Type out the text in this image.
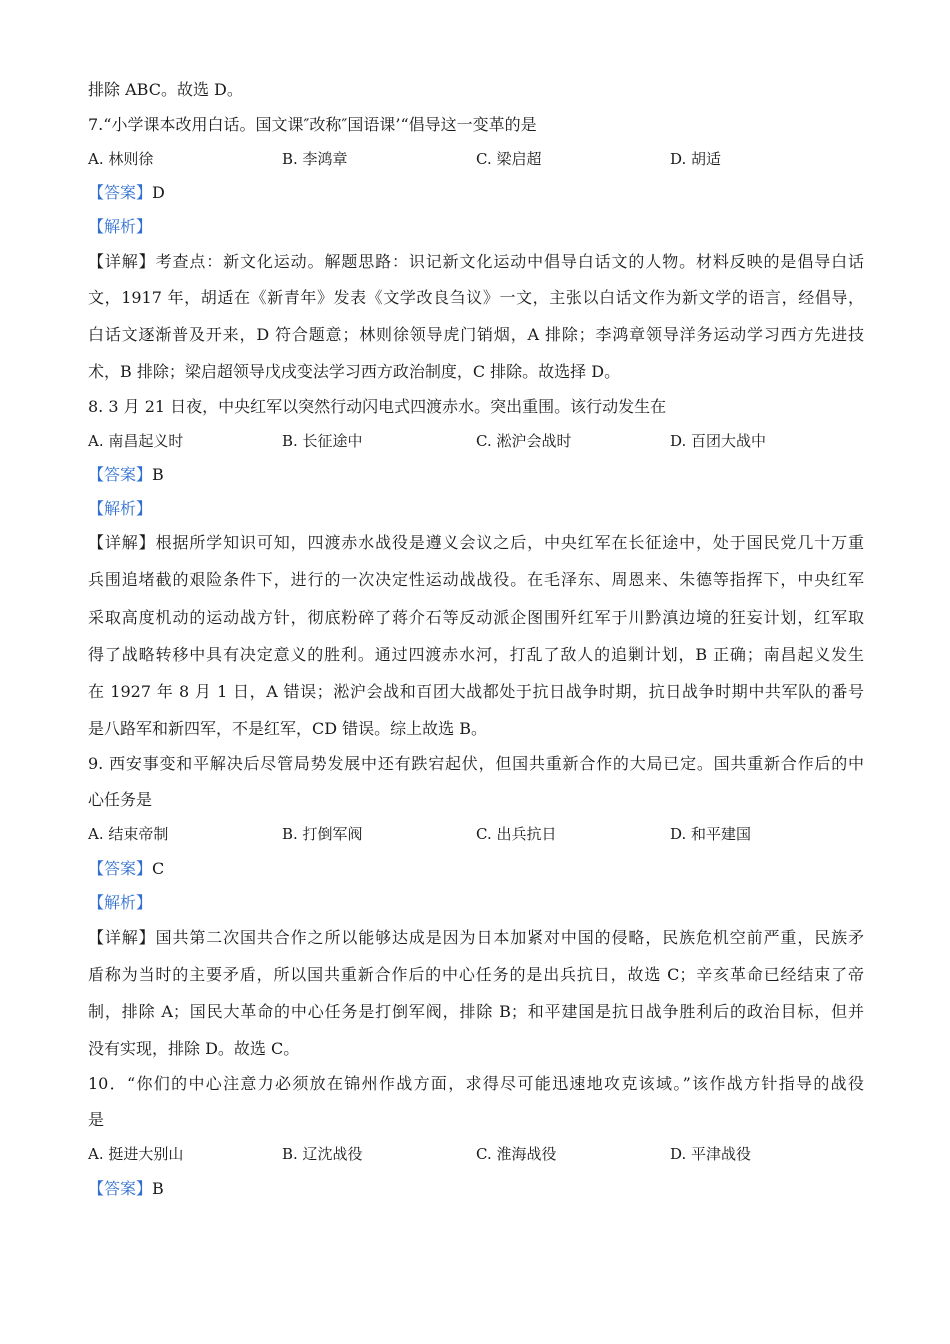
排除 ABC。故选 D。
7.“小学课本改用白话。国文课″改称″国语课’“倡导这一变革的是
A. 林则徐	B. 李鸿章	C. 梁启超	D. 胡适
【答案】D
【解析】
【详解】考查点：新文化运动。解题思路：识记新文化运动中倡导白话文的人物。材料反映的是倡导白话
文，1917 年，胡适在《新青年》发表《文学改良刍议》一文，主张以白话文作为新文学的语言，经倡导，
白话文逐渐普及开来，D 符合题意；林则徐领导虎门销烟，A 排除；李鸿章领导洋务运动学习西方先进技
术，B 排除；梁启超领导戊戌变法学习西方政治制度，C 排除。故选择 D。
8. 3 月 21 日夜，中央红军以突然行动闪电式四渡赤水。突出重围。该行动发生在
A. 南昌起义时	B. 长征途中	C. 淞沪会战时	D. 百团大战中
【答案】B
【解析】
【详解】根据所学知识可知，四渡赤水战役是遵义会议之后，中央红军在长征途中，处于国民党几十万重
兵围追堵截的艰险条件下，进行的一次决定性运动战战役。在毛泽东、周恩来、朱德等指挥下，中央红军
采取高度机动的运动战方针，彻底粉碎了蒋介石等反动派企图围歼红军于川黔滇边境的狂妄计划，红军取
得了战略转移中具有决定意义的胜利。通过四渡赤水河，打乱了敌人的追剿计划，B 正确；南昌起义发生
在 1927 年 8 月 1 日，A 错误；淞沪会战和百团大战都处于抗日战争时期，抗日战争时期中共军队的番号
是八路军和新四军，不是红军，CD 错误。综上故选 B。
9. 西安事变和平解决后尽管局势发展中还有跌宕起伏，但国共重新合作的大局已定。国共重新合作后的中
心任务是
A. 结束帝制	B. 打倒军阀	C. 出兵抗日	D. 和平建国
【答案】C
【解析】
【详解】国共第二次国共合作之所以能够达成是因为日本加紧对中国的侵略，民族危机空前严重，民族矛
盾称为当时的主要矛盾，所以国共重新合作后的中心任务的是出兵抗日，故选 C；辛亥革命已经结束了帝
制，排除 A；国民大革命的中心任务是打倒军阀，排除 B；和平建国是抗日战争胜利后的政治目标，但并
没有实现，排除 D。故选 C。
10．“你们的中心注意力必须放在锦州作战方面，求得尽可能迅速地攻克该域。”该作战方针指导的战役
是
A. 挺进大别山	B. 辽沈战役	C. 淮海战役	D. 平津战役
【答案】B
